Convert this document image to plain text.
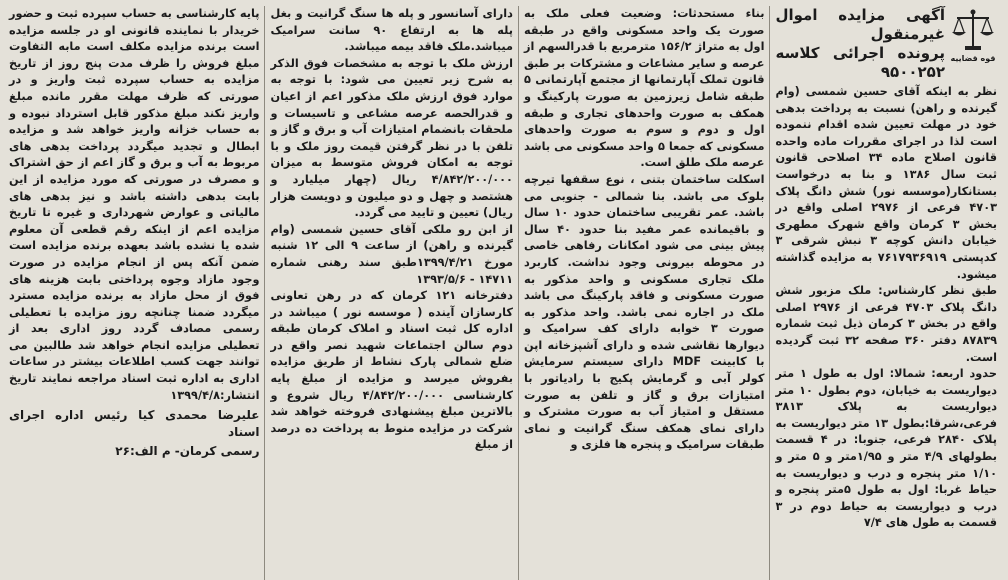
قوه قضاییه
آگهی مزایده اموال غیرمنقول
پرونده اجرائی کلاسه ۹۵۰۰۲۵۲

نظر به اینکه آقای حسین شمسی (وام گیرنده و راهن) نسبت به پرداخت بدهی خود در مهلت تعیین شده اقدام ننموده است لذا در اجرای مقررات ماده واحده قانون اصلاح ماده ۳۴ اصلاحی قانون ثبت سال ۱۳۸۶ و بنا به درخواست بستانکار(موسسه نور) شش دانگ پلاک ۴۷۰۳ فرعی از ۲۹۷۶ اصلی واقع در بخش ۳ کرمان واقع شهرک مطهری خیابان دانش کوچه ۳ نبش شرقی ۳ کدپستی ۷۶۱۷۹۳۶۹۱۹ به مزایده گذاشته میشود.

طبق نظر کارشناس: ملک مزبور شش دانگ پلاک ۴۷۰۳ فرعی از ۲۹۷۶ اصلی واقع در بخش ۳ کرمان ذیل ثبت شماره ۸۷۸۳۹ دفتر ۳۶۰ صفحه ۳۲ ثبت گردیده است.

حدود اربعه: شمالا: اول به طول ۱ متر دیواریست به خیابان، دوم بطول ۱۰ متر دیواریست به پلاک ۳۸۱۳ فرعی،شرقا:بطول ۱۳ متر دیواریست به پلاک ۲۸۴۰ فرعی، جنوبا: در ۴ قسمت بطولهای ۴/۹ متر و ۱/۹۵متر و ۵ متر و ۱/۱۰ متر پنجره و درب و دیواریست به حیاط غربا: اول به طول ۵متر پنجره و درب و دیواریست به حیاط دوم در ۳ قسمت به طول های ۷/۴

بناء مستحدثات: وضعیت فعلی ملک به صورت یک واحد مسکونی واقع در طبقه اول به متراژ ۱۵۶/۲ مترمربع با قدرالسهم از عرصه و سایر مشاعات و مشترکات بر طبق قانون تملک آپارتمانها از مجتمع آپارتمانی ۵ طبقه شامل زیرزمین به صورت پارکینگ و همکف به صورت واحدهای تجاری و طبقه اول و دوم و سوم به صورت واحدهای مسکونی که جمعا ۵ واحد مسکونی می باشد عرصه ملک طلق است.

اسکلت ساختمان بتنی ، نوع سقفها تیرچه بلوک می باشد. بنا شمالی - جنوبی می باشد. عمر تقریبی ساختمان حدود ۱۰ سال و باقیمانده عمر مفید بنا حدود ۴۰ سال پیش بینی می شود امکانات رفاهی خاصی در محوطه بیرونی وجود نداشت. کاربرد ملک تجاری مسکونی و واحد مذکور به صورت مسکونی و فاقد پارکینگ می باشد ملک در اجاره نمی باشد. واحد مذکور به صورت ۳ خوابه دارای کف سرامیک و دیوارها نقاشی شده و دارای آشپزخانه اپن با کابینت MDF دارای سیستم سرمایش کولر آبی و گرمایش پکیج با رادیاتور با امتیازات برق و گاز و تلفن به صورت مستقل و امتیاز آب به صورت مشترک و دارای نمای همکف سنگ گرانیت و نمای طبقات سرامیک و پنجره ها فلزی و

دارای آسانسور و پله ها سنگ گرانیت و بغل پله ها به ارتفاع ۹۰ سانت سرامیک میباشد.ملک فاقد بیمه میباشد.

ارزش ملک با توجه به مشخصات فوق الذکر به شرح زیر تعیین می شود: با توجه به موارد فوق ارزش ملک مذکور اعم از اعیان و قدرالحصه عرصه مشاعی و تاسیسات و ملحقات بانضمام امتیازات آب و برق و گاز و تلفن با در نظر گرفتن قیمت روز ملک و با توجه به امکان فروش متوسط به میزان ۴/۸۴۲/۲۰۰/۰۰۰ ریال (چهار میلیارد و هشتصد و چهل و دو میلیون و دویست هزار ریال) تعیین و تایید می گردد.

از ابن رو ملکی آقای حسین شمسی (وام گیرنده و راهن) از ساعت ۹ الی ۱۲ شنبه مورخ ۱۳۹۹/۴/۲۱طبق سند رهنی شماره ۱۴۷۱۱ - ۱۳۹۳/۵/۶

دفترخانه ۱۲۱ کرمان که در رهن تعاونی کارسازان آینده ( موسسه نور ) میباشد در اداره کل ثبت اسناد و املاک کرمان طبقه دوم سالن اجتماعات شهید نصر واقع در ضلع شمالی پارک نشاط از طریق مزایده بفروش میرسد و مزایده از مبلغ پایه کارشناسی ۴/۸۴۲/۲۰۰/۰۰۰ ریال شروع و بالاترین مبلغ پیشنهادی فروخته خواهد شد شرکت در مزایده منوط به پرداخت ده درصد از مبلغ

پایه کارشناسی به حساب سپرده ثبت و حضور خریدار با نماینده قانونی او در جلسه مزایده است برنده مزایده مکلف است مابه التفاوت مبلغ فروش را ظرف مدت پنج روز از تاریخ مزایده به حساب سپرده ثبت واریز و در صورتی که ظرف مهلت مقرر مانده مبلغ واریز نکند مبلغ مذکور قابل استرداد نبوده و به حساب خزانه واریز خواهد شد و مزایده ابطال و تجدید میگردد پرداخت بدهی های مربوط به آب و برق و گاز اعم از حق اشتراک و مصرف در صورتی که مورد مزایده از این بابت بدهی داشته باشد و نیز بدهی های مالیاتی و عوارض شهرداری و غیره تا تاریخ مزایده اعم از اینکه رقم قطعی آن معلوم شده یا نشده باشد بعهده برنده مزایده است ضمن آنکه پس از انجام مزایده در صورت وجود مازاد وجوه پرداختی بابت هزینه های فوق از محل مازاد به برنده مزایده مسترد میگردد ضمنا چنانچه روز مزایده با تعطیلی رسمی مصادف گردد روز اداری بعد از تعطیلی مزایده انجام خواهد شد طالبین می توانند جهت کسب اطلاعات بیشتر در ساعات اداری به اداره ثبت اسناد مراجعه نمایند تاریخ انتشار:۱۳۹۹/۴/۸

علیرضا محمدی کیا رئیس اداره اجرای اسناد
رسمی کرمان- م الف:۲۶
